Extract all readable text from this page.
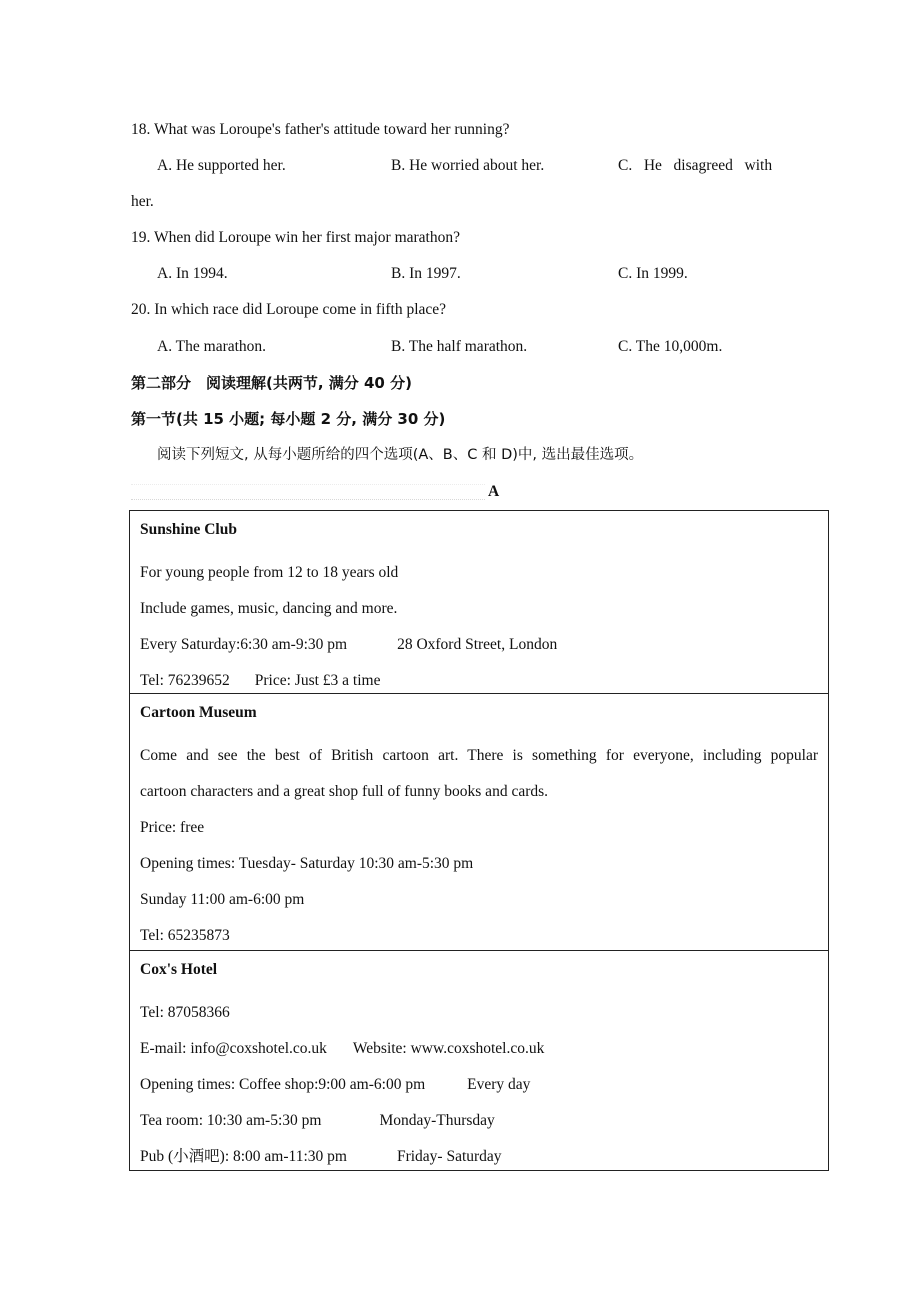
18. What was Loroupe's father's attitude toward her running?
A. He supported her.	B. He worried about her.	C.   He   disagreed   with
her.
19. When did Loroupe win her first major marathon?
A. In 1994.	B. In 1997.	C. In 1999.
20. In which race did Loroupe come in fifth place?
A. The marathon.	B. The half marathon.	C. The 10,000m.
第二部分　阅读理解(共两节, 满分 40 分)
第一节(共 15 小题; 每小题 2 分, 满分 30 分)
阅读下列短文, 从每小题所给的四个选项(A、B、C 和 D)中, 选出最佳选项。
A
Sunshine Club
For young people from 12 to 18 years old
Include games, music, dancing and more.
Every Saturday:6:30 am-9:30 pm	28 Oxford Street, London
Tel: 76239652 Price: Just £3 a time
Cartoon Museum
Come and see the best of British cartoon art. There is something for everyone, including popular
cartoon characters and a great shop full of funny books and cards.
Price: free
Opening times: Tuesday- Saturday 10:30 am-5:30 pm
Sunday 11:00 am-6:00 pm
Tel: 65235873
Cox's Hotel
Tel: 87058366
E-mail: info@coxshotel.co.uk Website: www.coxshotel.co.uk
Opening times: Coffee shop:9:00 am-6:00 pm	Every day
Tea room: 10:30 am-5:30 pm	Monday-Thursday
Pub (小酒吧): 8:00 am-11:30 pm	Friday- Saturday
